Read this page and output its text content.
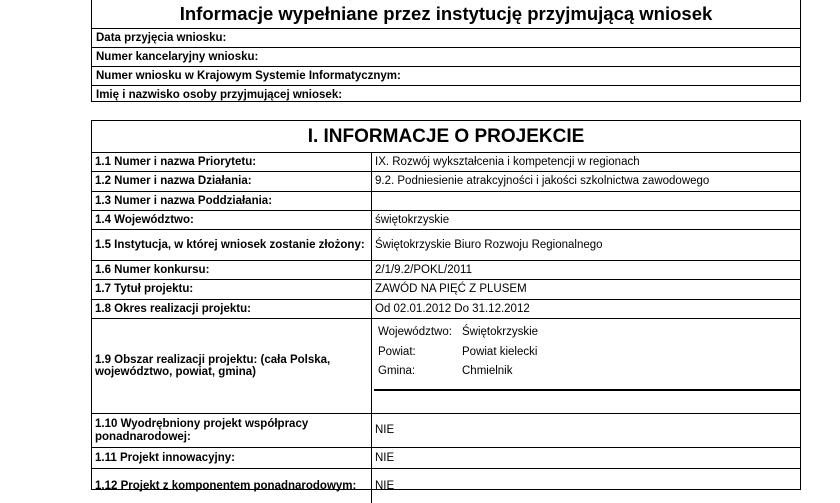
Informacje wypełniane przez instytucję przyjmującą wniosek
Data przyjęcia wniosku:
Numer kancelaryjny wniosku:
Numer wniosku w Krajowym Systemie Informatycznym:
Imię i nazwisko osoby przyjmującej wniosek:
I. INFORMACJE O PROJEKCIE
1.1 Numer i nazwa Priorytetu:	IX. Rozwój wykształcenia i kompetencji w regionach
1.2 Numer i nazwa Działania:	9.2. Podniesienie atrakcyjności i jakości szkolnictwa zawodowego
1.3 Numer i nazwa Poddziałania:
1.4 Województwo:	świętokrzyskie
1.5 Instytucja, w której wniosek zostanie złożony: Świętokrzyskie Biuro Rozwoju Regionalnego
1.6 Numer konkursu:	2/1/9.2/POKL/2011
1.7 Tytuł projektu:	ZAWÓD NA PIĘĆ Z PLUSEM
1.8 Okres realizacji projektu:	Od 02.01.2012 Do 31.12.2012
1.9 Obszar realizacji projektu: (cała Polska, województwo, powiat, gmina)
Województwo: Świętokrzyskie
Powiat:	Powiat kielecki
Gmina:	Chmielnik
1.10 Wyodrębniony projekt współpracy ponadnarodowej:
NIE
1.11 Projekt innowacyjny:	NIE
1.12 Projekt z komponentem ponadnarodowym:	NIE
